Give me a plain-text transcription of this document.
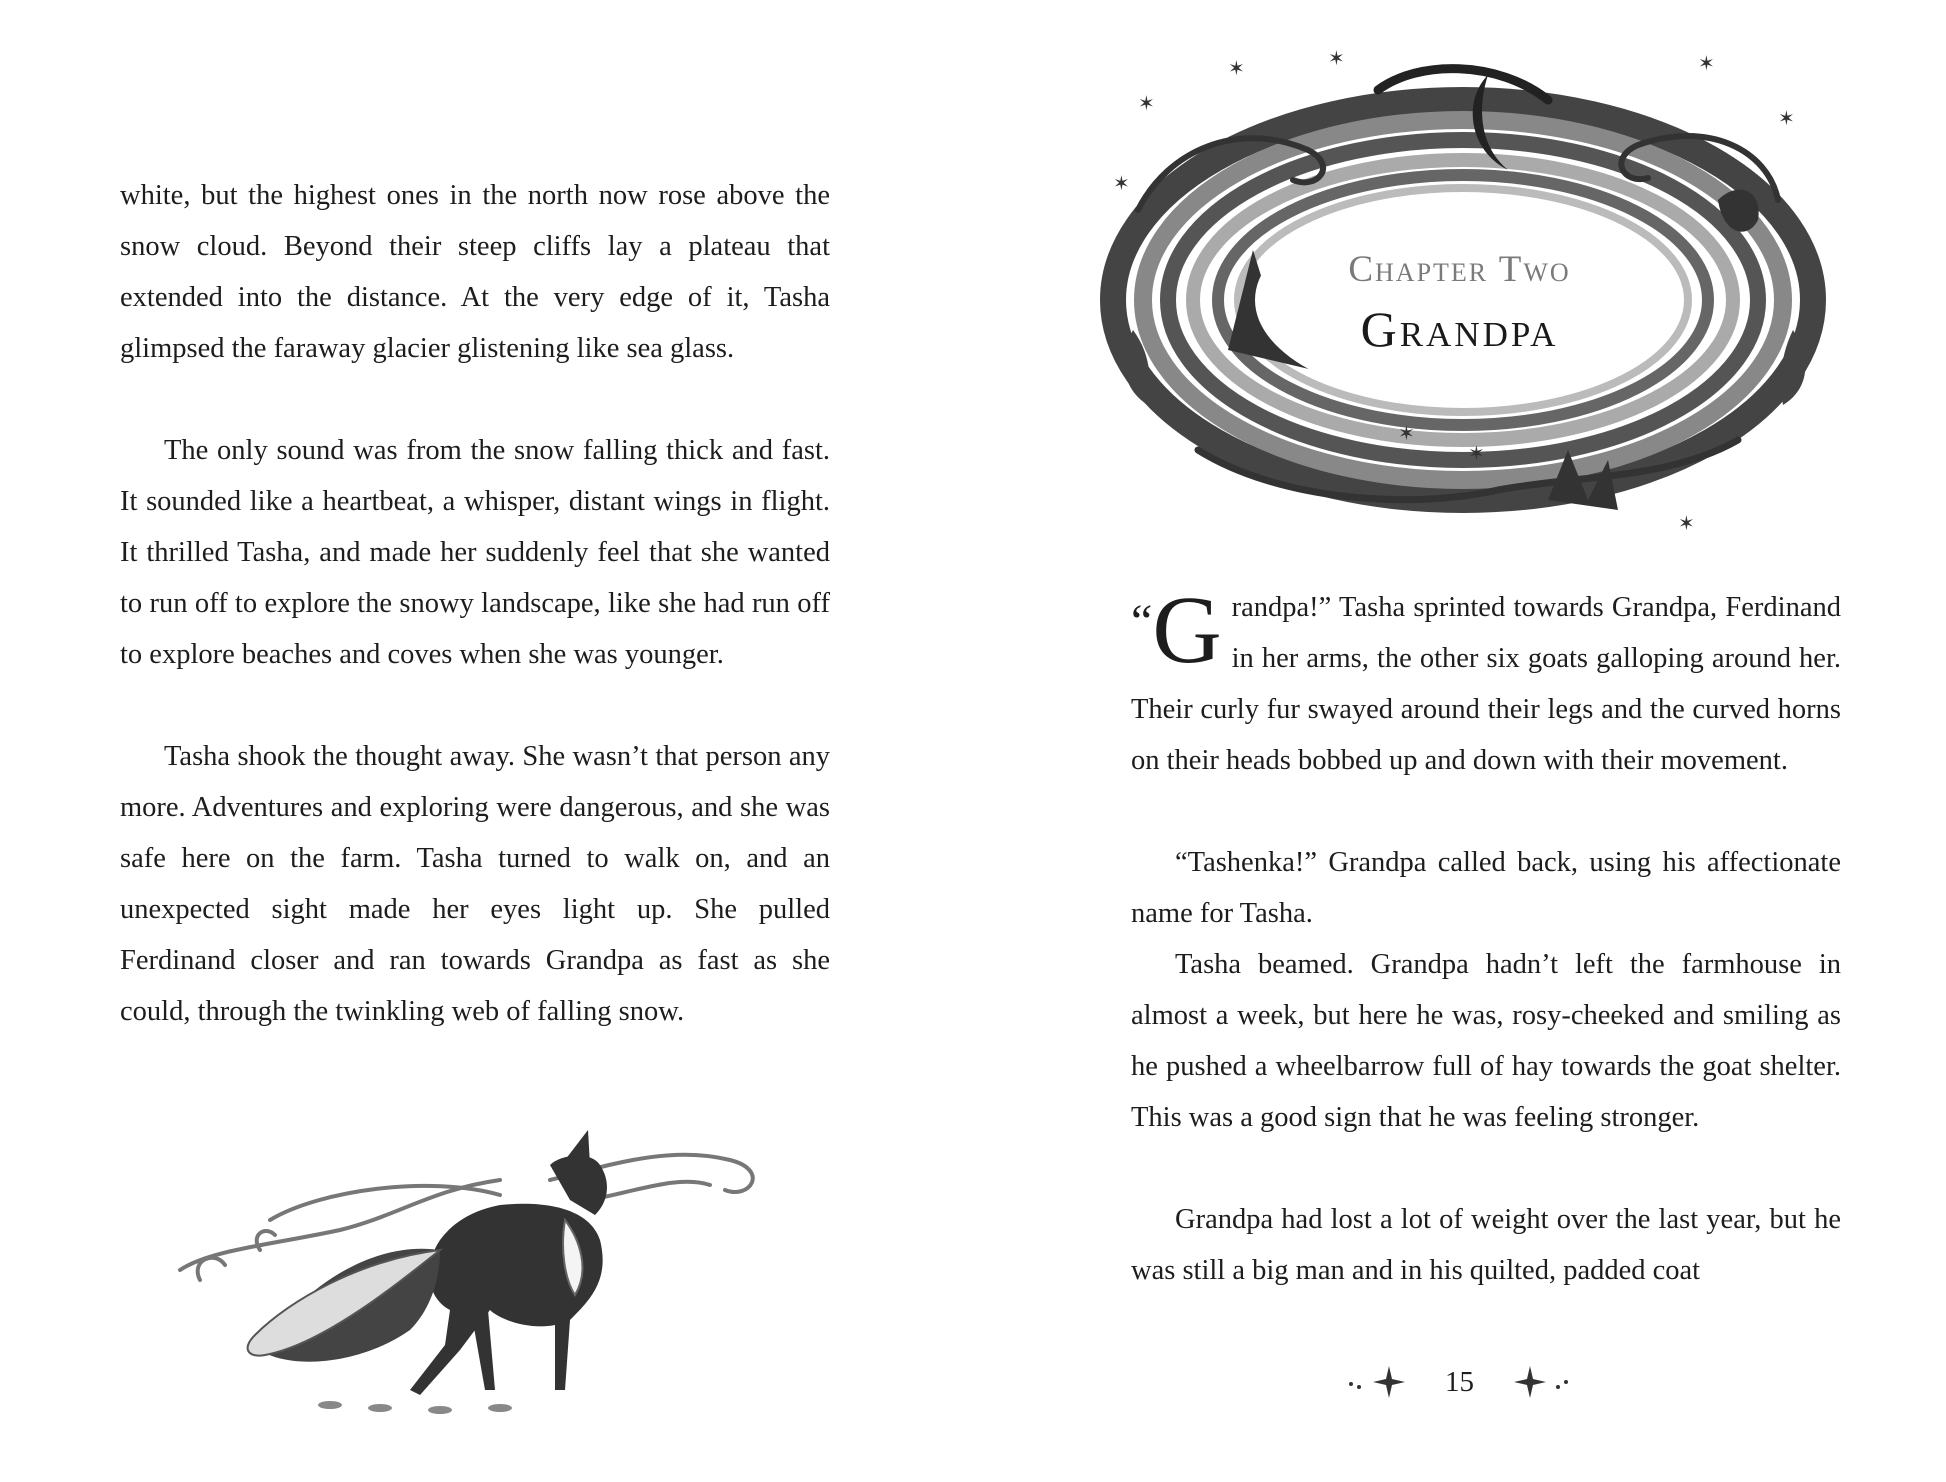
white, but the highest ones in the north now rose above the snow cloud. Beyond their steep cliffs lay a plateau that extended into the distance. At the very edge of it, Tasha glimpsed the faraway glacier glistening like sea glass.

The only sound was from the snow falling thick and fast. It sounded like a heartbeat, a whisper, distant wings in flight. It thrilled Tasha, and made her suddenly feel that she wanted to run off to explore the snowy landscape, like she had run off to explore beaches and coves when she was younger.

Tasha shook the thought away. She wasn’t that person any more. Adventures and exploring were dangerous, and she was safe here on the farm. Tasha turned to walk on, and an unexpected sight made her eyes light up. She pulled Ferdinand closer and ran towards Grandpa as fast as she could, through the twinkling web of falling snow.

✶
✶	✶	✶
✶
✶
✶
✶
✶
Chapter Two
Grandpa

“G randpa!” Tasha sprinted towards Grandpa, Ferdinand in her arms, the other six goats galloping around her. Their curly fur swayed around their legs and the curved horns on their heads bobbed up and down with their movement.

“Tashenka!” Grandpa called back, using his affectionate name for Tasha.

Tasha beamed. Grandpa hadn’t left the farmhouse in almost a week, but here he was, rosy-cheeked and smiling as he pushed a wheelbarrow full of hay towards the goat shelter. This was a good sign that he was feeling stronger.

Grandpa had lost a lot of weight over the last year, but he was still a big man and in his quilted, padded coat

15
